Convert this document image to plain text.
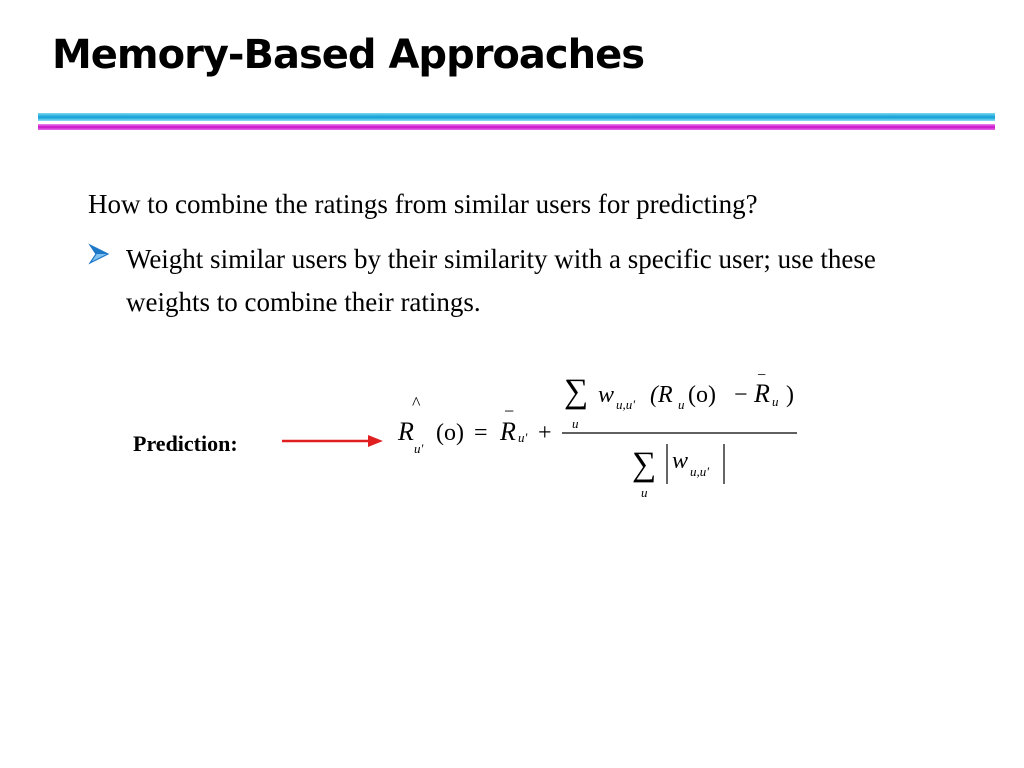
Memory-Based Approaches
How to combine the ratings from similar users for predicting?
Weight similar users by their similarity with a specific user; use these weights to combine their ratings.
Prediction:
^
R
u'
(o) =
−
R u' +
∑
u
w u,u' (R u (o) −
−
R u )
∑
u
w u,u'
